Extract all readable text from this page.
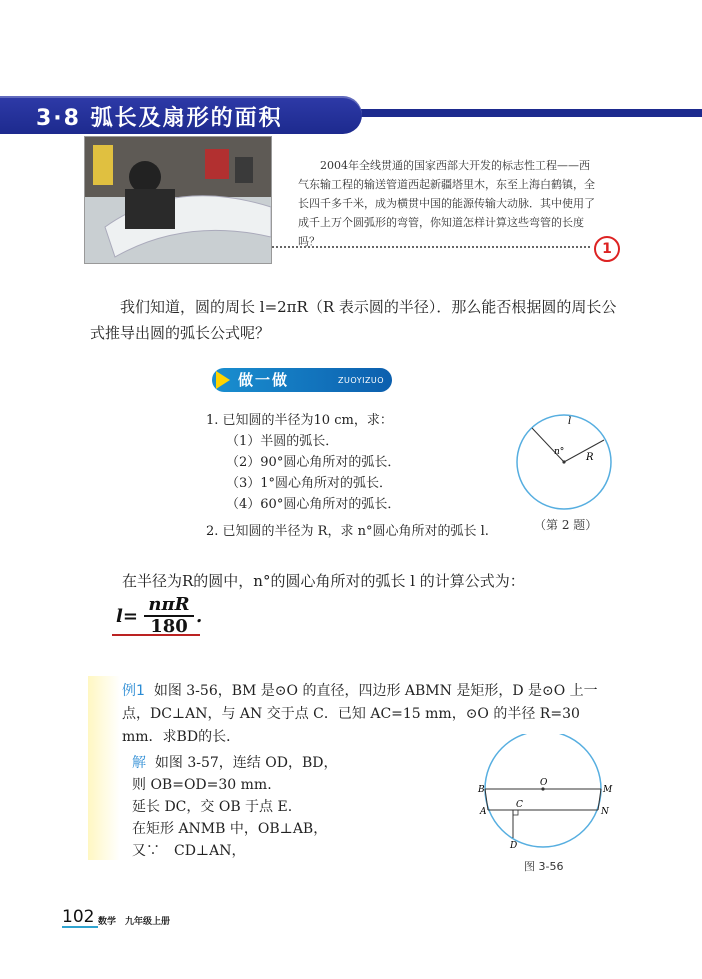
3·8 弧长及扇形的面积
2004年全线贯通的国家西部大开发的标志性工程——西气东输工程的输送管道西起新疆塔里木，东至上海白鹤镇，全长四千多千米，成为横贯中国的能源传输大动脉．其中使用了成千上万个圆弧形的弯管，你知道怎样计算这些弯管的长度吗？	1
我们知道，圆的周长 l=2πR（R 表示圆的半径）．那么能否根据圆的周长公式推导出圆的弧长公式呢？
做一做	ZUOYIZUO
1. 已知圆的半径为10 cm，求：
（1）半圆的弧长．
（2）90°圆心角所对的弧长．
（3）1°圆心角所对的弧长．
（4）60°圆心角所对的弧长．
2. 已知圆的半径为 R，求 n°圆心角所对的弧长 l.
l
n° R
（第 2 题）
在半径为R的圆中，n°的圆心角所对的弧长 l 的计算公式为：
l=
nπR
180 .
例1 如图 3-56，BM 是⊙O 的直径，四边形 ABMN 是矩形，D 是⊙O 上一点，DC⊥AN，与 AN 交于点 C．已知 AC=15 mm，⊙O 的半径 R=30 mm．求BD的长．
解 如图 3-57，连结 OD，BD，
则 OB=OD=30 mm.
延长 DC，交 OB 于点 E.
在矩形 ANMB 中，OB⊥AB，
又∵　CD⊥AN，
O
B	M
A	N
C
D
图 3-56
102 数学　九年级上册
